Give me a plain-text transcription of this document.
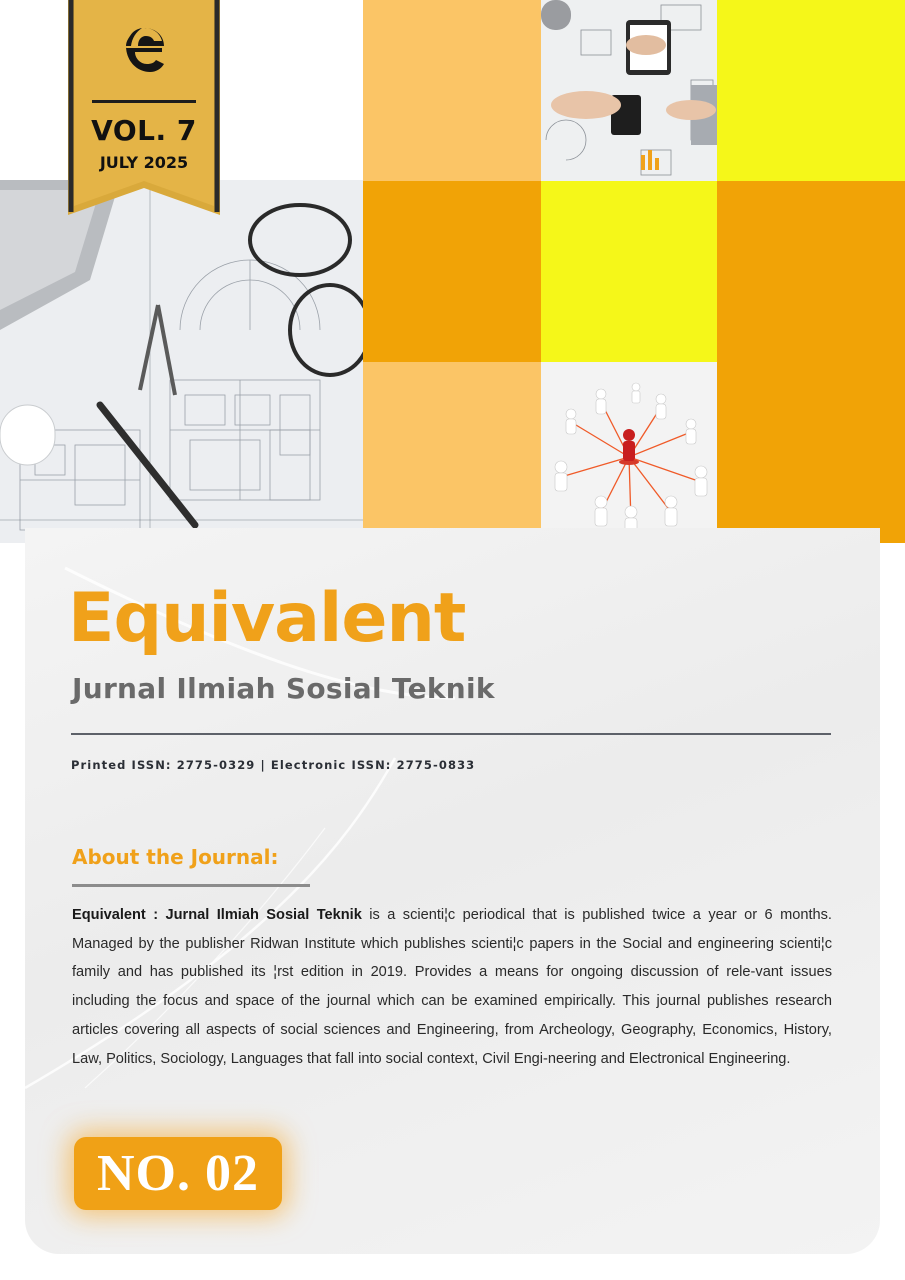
VOL. 7
JULY 2025
Equivalent
Jurnal Ilmiah Sosial Teknik
Printed ISSN: 2775-0329 | Electronic ISSN: 2775-0833
About the Journal:

Equivalent : Jurnal Ilmiah Sosial Teknik is a scienti¦c periodical that is published twice a year or 6 months. Managed by the publisher Ridwan Institute which publishes scienti¦c papers in the Social and engineering scienti¦c family and has published its ¦rst edition in 2019. Provides a means for ongoing discussion of rele-vant issues including the focus and space of the journal which can be examined empirically. This journal publishes research articles covering all aspects of social sciences and Engineering, from Archeology, Geography, Economics, History, Law, Politics, Sociology, Languages that fall into social context, Civil Engi-neering and Electronical Engineering.

NO. 02
